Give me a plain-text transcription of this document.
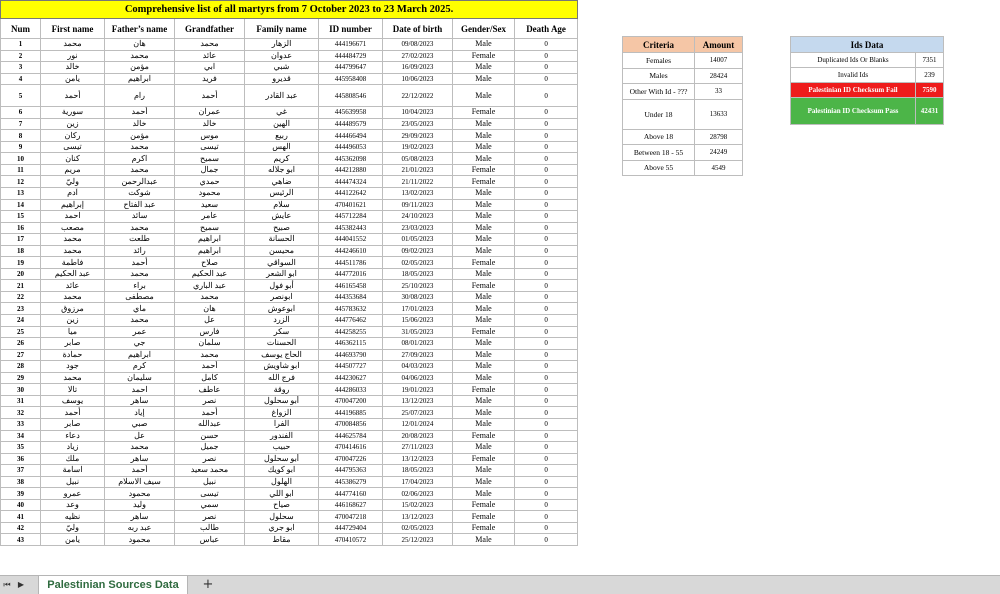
Comprehensive list of all martyrs from 7 October 2023 to 23 March 2025.								
Num	First name	Father’s name	Grandfather	Family name	ID number	Date of birth	Gender/Sex	Death Age
1	محمد	هان	محمد	الزهار	444196671	09/08/2023	Male	0
2	نور	محمد	عائد	عدوان	444484729	27/02/2023	Female	0
3	خالد	مؤمن	ابي	شبي	444799647	16/09/2023	Male	0
4	يامن	ابراهيم	فريد	قديرو	445958408	10/06/2023	Male	0
5	أحمد	رام	أحمد	عبد القادر	445808546	22/12/2022	Male	0
6	سورية	أحمد	عمران	غي	445639958	10/04/2023	Female	0
7	زين	خالد	خالد	الهين	444489579	23/05/2023	Male	0
8	ركان	مؤمن	موس	ربيع	444466494	29/09/2023	Male	0
9	تيسى	محمد	تيسى	الهس	444496053	19/02/2023	Male	0
10	كنان	اكرم	سميح	كريم	445362098	05/08/2023	Male	0
11	مريم	محمد	جمال	ابو جلاله	444212880	21/01/2023	Female	0
12	وليّ	عبدالرحمن	حمدي	ضاهي	444474324	21/11/2022	Female	0
13	آدم	شوكت	محمود	الرئيس	444122642	13/02/2023	Male	0
14	إبراهيم	عبد الفتاح	سعيد	سلام	470401621	09/11/2023	Male	0
15	احمد	سائد	عامر	عايش	445712284	24/10/2023	Male	0
16	مصعب	محمد	سميح	صبيح	445382443	23/03/2023	Male	0
17	محمد	طلعت	ابراهيم	الحسانة	444041552	01/05/2023	Male	0
18	محمد	رائد	ابراهيم	محيسن	444246610	09/02/2023	Male	0
19	فاطمة	أحمد	صلاح	السواقي	444511786	02/05/2023	Female	0
20	عبد الحكيم	محمد	عبد الحكيم	ابو الشعر	444772016	18/05/2023	Male	0
21	عائد	براء	عبد الباري	أبو فول	446165458	25/10/2023	Female	0
22	محمد	مصطفى	محمد	ابونصر	444353684	30/08/2023	Male	0
23	مرزوق	ماي	هان	ابوعوش	445783632	17/01/2023	Male	0
24	زين	محمد	عل	الزرد	444776462	15/06/2023	Male	0
25	ميا	عمر	فارس	سكر	444258255	31/05/2023	Female	0
26	صابر	جي	سلمان	الحسنات	446362115	08/01/2023	Male	0
27	حمادة	ابراهيم	محمد	الحاج يوسف	444693790	27/09/2023	Male	0
28	جود	كرم	أحمد	ابو شاويش	444507727	04/03/2023	Male	0
29	محمد	سليمان	كامل	فرج الله	444230627	04/06/2023	Male	0
30	تالا	احمد	عاطف	روقة	444286033	19/01/2023	Female	0
31	يوسف	ساهر	نصر	أبو سحلول	470047200	13/12/2023	Male	0
32	أحمد	إياد	أحمد	الزواغ	444196885	25/07/2023	Male	0
33	صابر	صبي	عبدالله	الفرا	470084856	12/01/2024	Male	0
34	دعاء	عل	حسن	الفندور	444625784	20/08/2023	Female	0
35	زياد	محمد	جميل	حبيب	470414616	27/11/2023	Male	0
36	ملك	ساهر	نصر	أبو سحلول	470047226	13/12/2023	Female	0
37	اسامة	أحمد	محمد سعيد	ابو كويك	444795363	18/05/2023	Male	0
38	نبيل	سيف الاسلام	نبيل	الهلول	445386279	17/04/2023	Male	0
39	عمرو	محمود	تيسى	ابو اللي	444774160	02/06/2023	Male	0
40	وعد	وليد	سمي	صياح	446168627	15/02/2023	Female	0
41	نظيه	ساهر	نصر	سحلول	470047218	13/12/2023	Female	0
42	وليّ	عبد ربه	طالب	ابو جري	444729404	02/05/2023	Female	0
43	يامن	محمود	عباس	مقاط	470410572	25/12/2023	Male	0
Criteria	Amount
Females	14007
Males	28424
Other With Id - ???	33
Under 18	13633
Above 18	28798
Between 18 - 55	24249
Above 55	4549
Ids Data	
Duplicated Ids Or Blanks	7351
Invalid Ids	239
Palestinian ID Checksum Fail	7590
Palestinian ID Checksum Pass	42431
⏮ ▶	Palestinian Sources Data	+
